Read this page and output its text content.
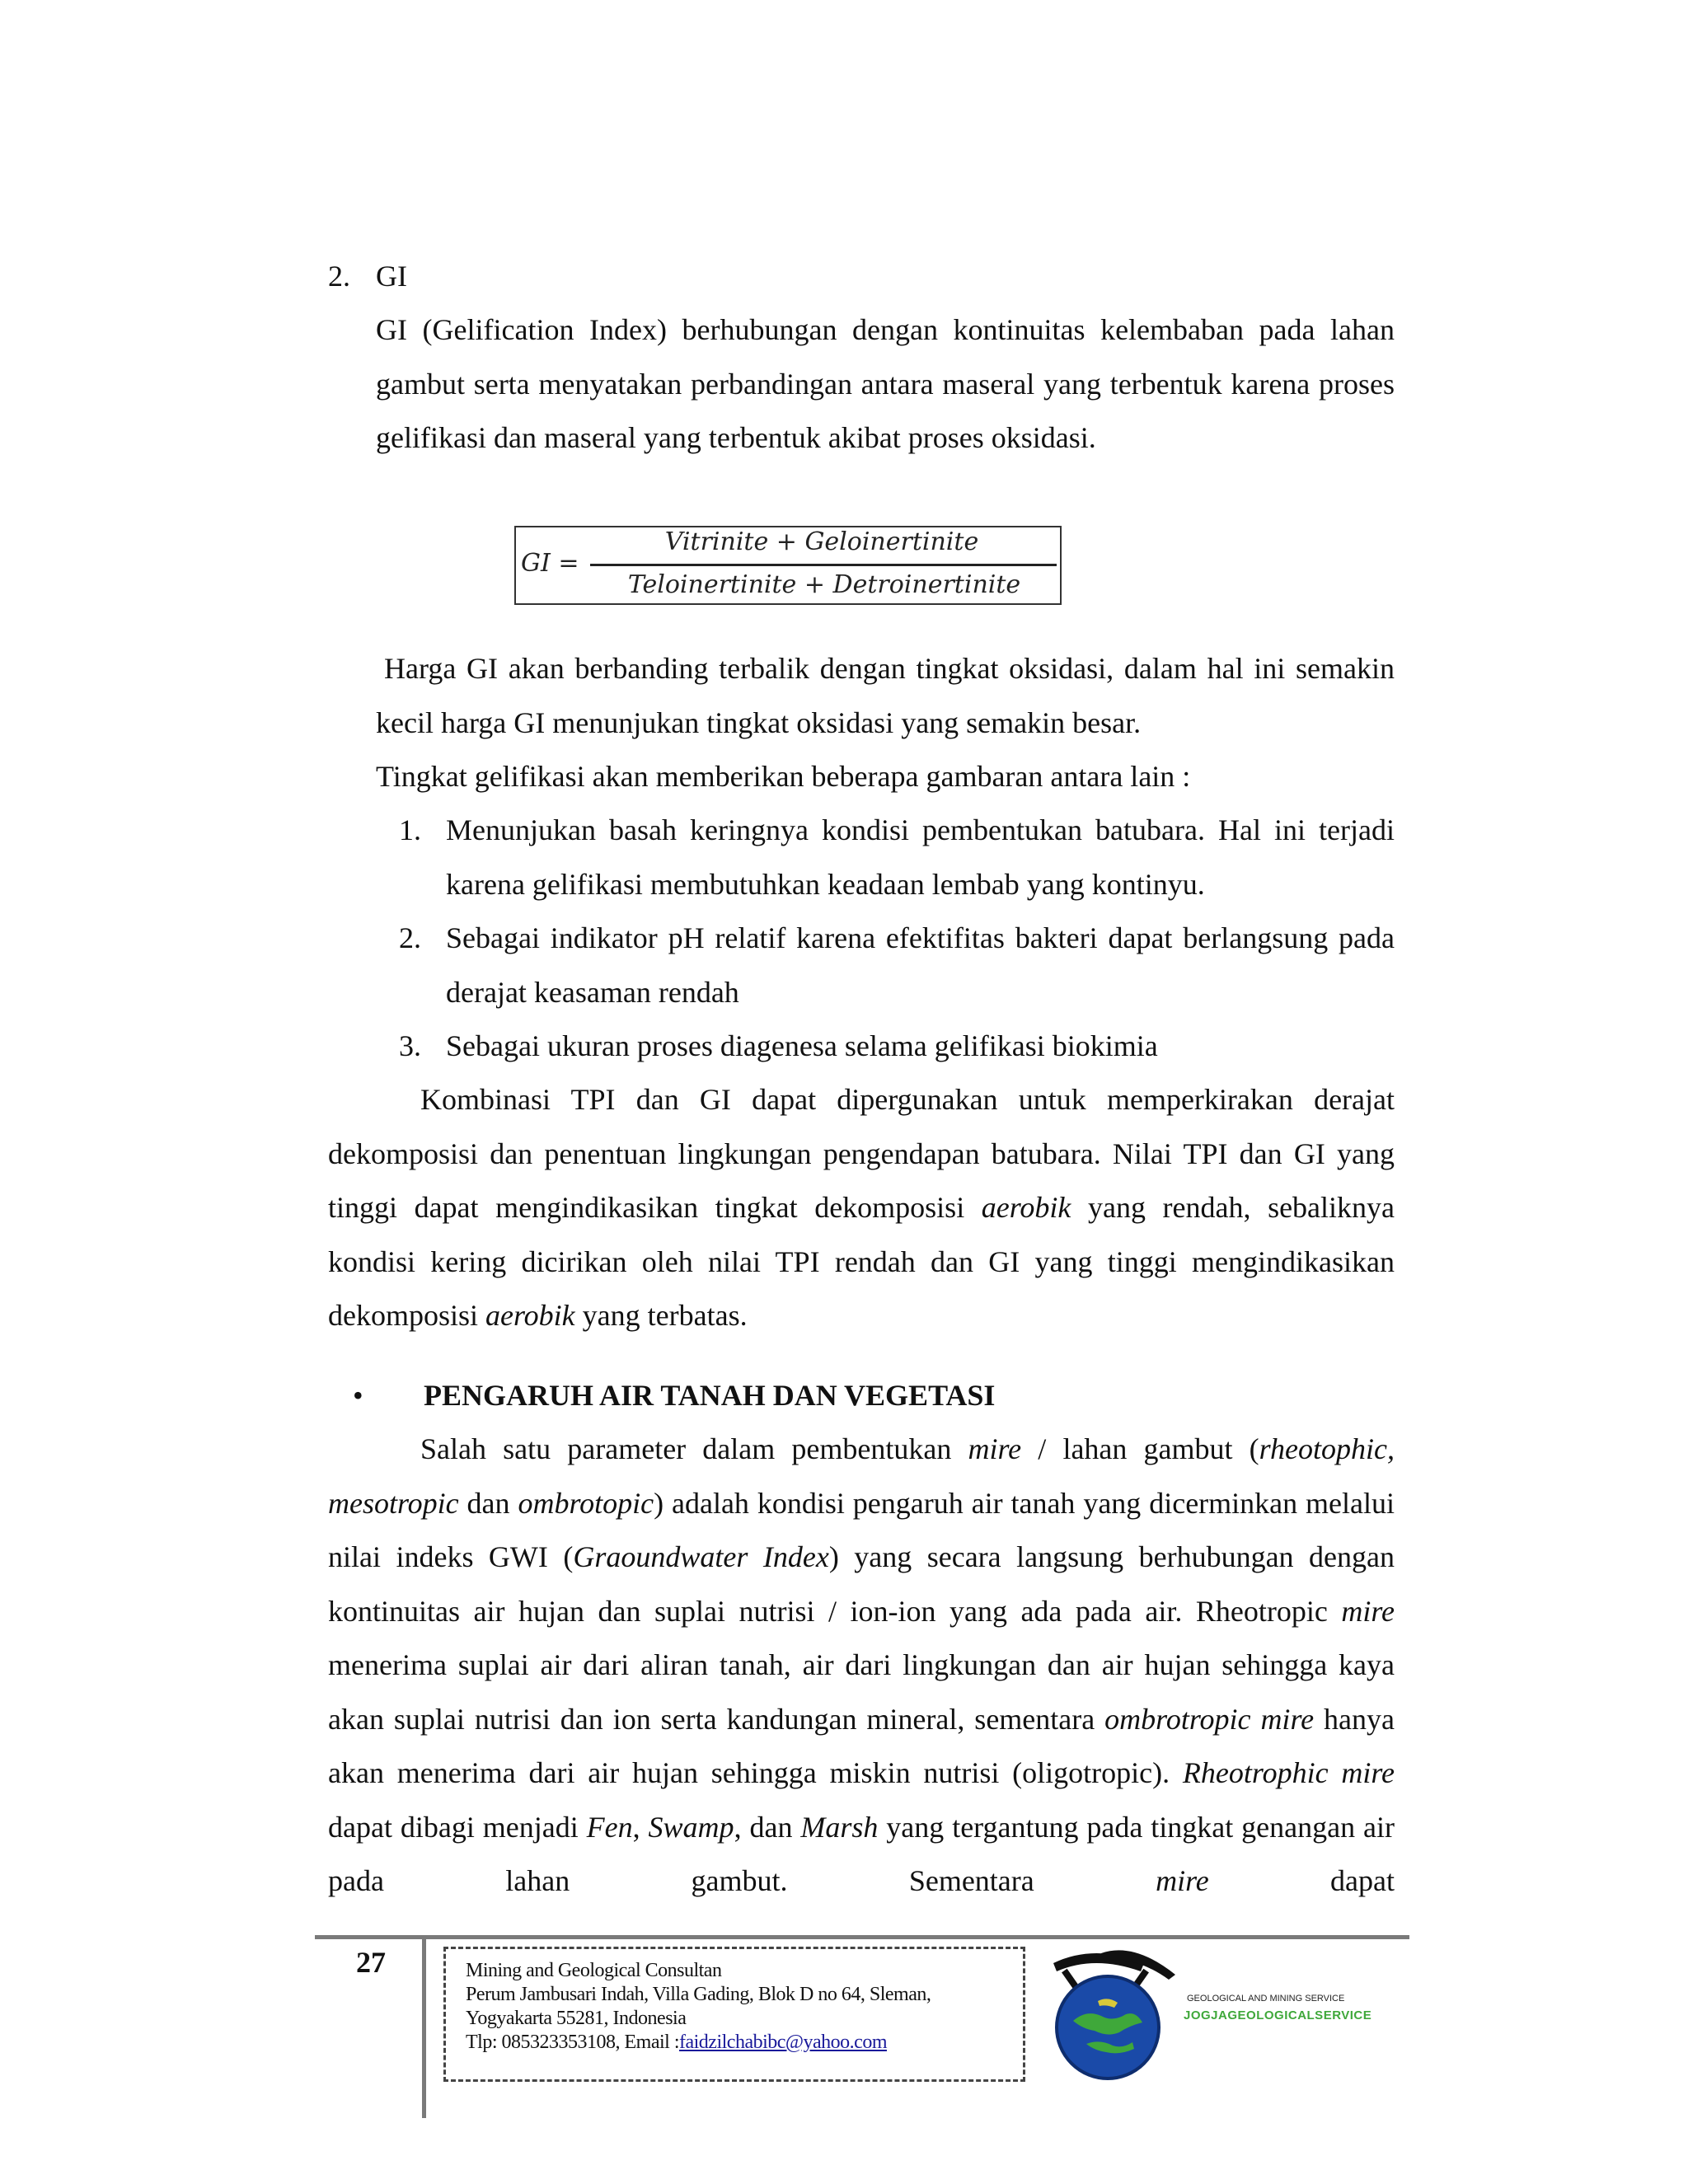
2. GI

GI (Gelification Index) berhubungan dengan kontinuitas kelembaban pada lahan gambut serta menyatakan perbandingan antara maseral yang terbentuk karena proses gelifikasi dan maseral yang terbentuk akibat proses oksidasi.

GI =
Vitrinite + Geloinertinite
Teloinertinite + Detroinertinite

Harga GI akan berbanding terbalik dengan tingkat oksidasi, dalam hal ini semakin kecil harga GI menunjukan tingkat oksidasi yang semakin besar.

Tingkat gelifikasi akan memberikan beberapa gambaran antara lain :

1. Menunjukan basah keringnya kondisi pembentukan batubara. Hal ini terjadi karena gelifikasi membutuhkan keadaan lembab yang kontinyu.

2. Sebagai indikator pH relatif karena efektifitas bakteri dapat berlangsung pada derajat keasaman rendah

3. Sebagai ukuran proses diagenesa selama gelifikasi biokimia

Kombinasi TPI dan GI dapat dipergunakan untuk memperkirakan derajat dekomposisi dan penentuan lingkungan pengendapan batubara. Nilai TPI dan GI yang tinggi dapat mengindikasikan tingkat dekomposisi aerobik yang rendah, sebaliknya kondisi kering dicirikan oleh nilai TPI rendah dan GI yang tinggi mengindikasikan dekomposisi aerobik yang terbatas.

• PENGARUH AIR TANAH DAN VEGETASI

Salah satu parameter dalam pembentukan mire / lahan gambut (rheotophic, mesotropic dan ombrotopic) adalah kondisi pengaruh air tanah yang dicerminkan melalui nilai indeks GWI (Graoundwater Index) yang secara langsung berhubungan dengan kontinuitas air hujan dan suplai nutrisi / ion-ion yang ada pada air. Rheotropic mire menerima suplai air dari aliran tanah, air dari lingkungan dan air hujan sehingga kaya akan suplai nutrisi dan ion serta kandungan mineral, sementara ombrotropic mire hanya akan menerima dari air hujan sehingga miskin nutrisi (oligotropic). Rheotrophic mire dapat dibagi menjadi Fen, Swamp, dan Marsh yang tergantung pada tingkat genangan air pada lahan gambut. Sementara mire dapat

27	Mining and Geological Consultan
Perum Jambusari Indah, Villa Gading, Blok D no 64, Sleman,
Yogyakarta 55281, Indonesia
Tlp: 085323353108, Email :faidzilchabibc@yahoo.com
GEOLOGICAL AND MINING SERVICE
JOGJAGEOLOGICALSERVICE
